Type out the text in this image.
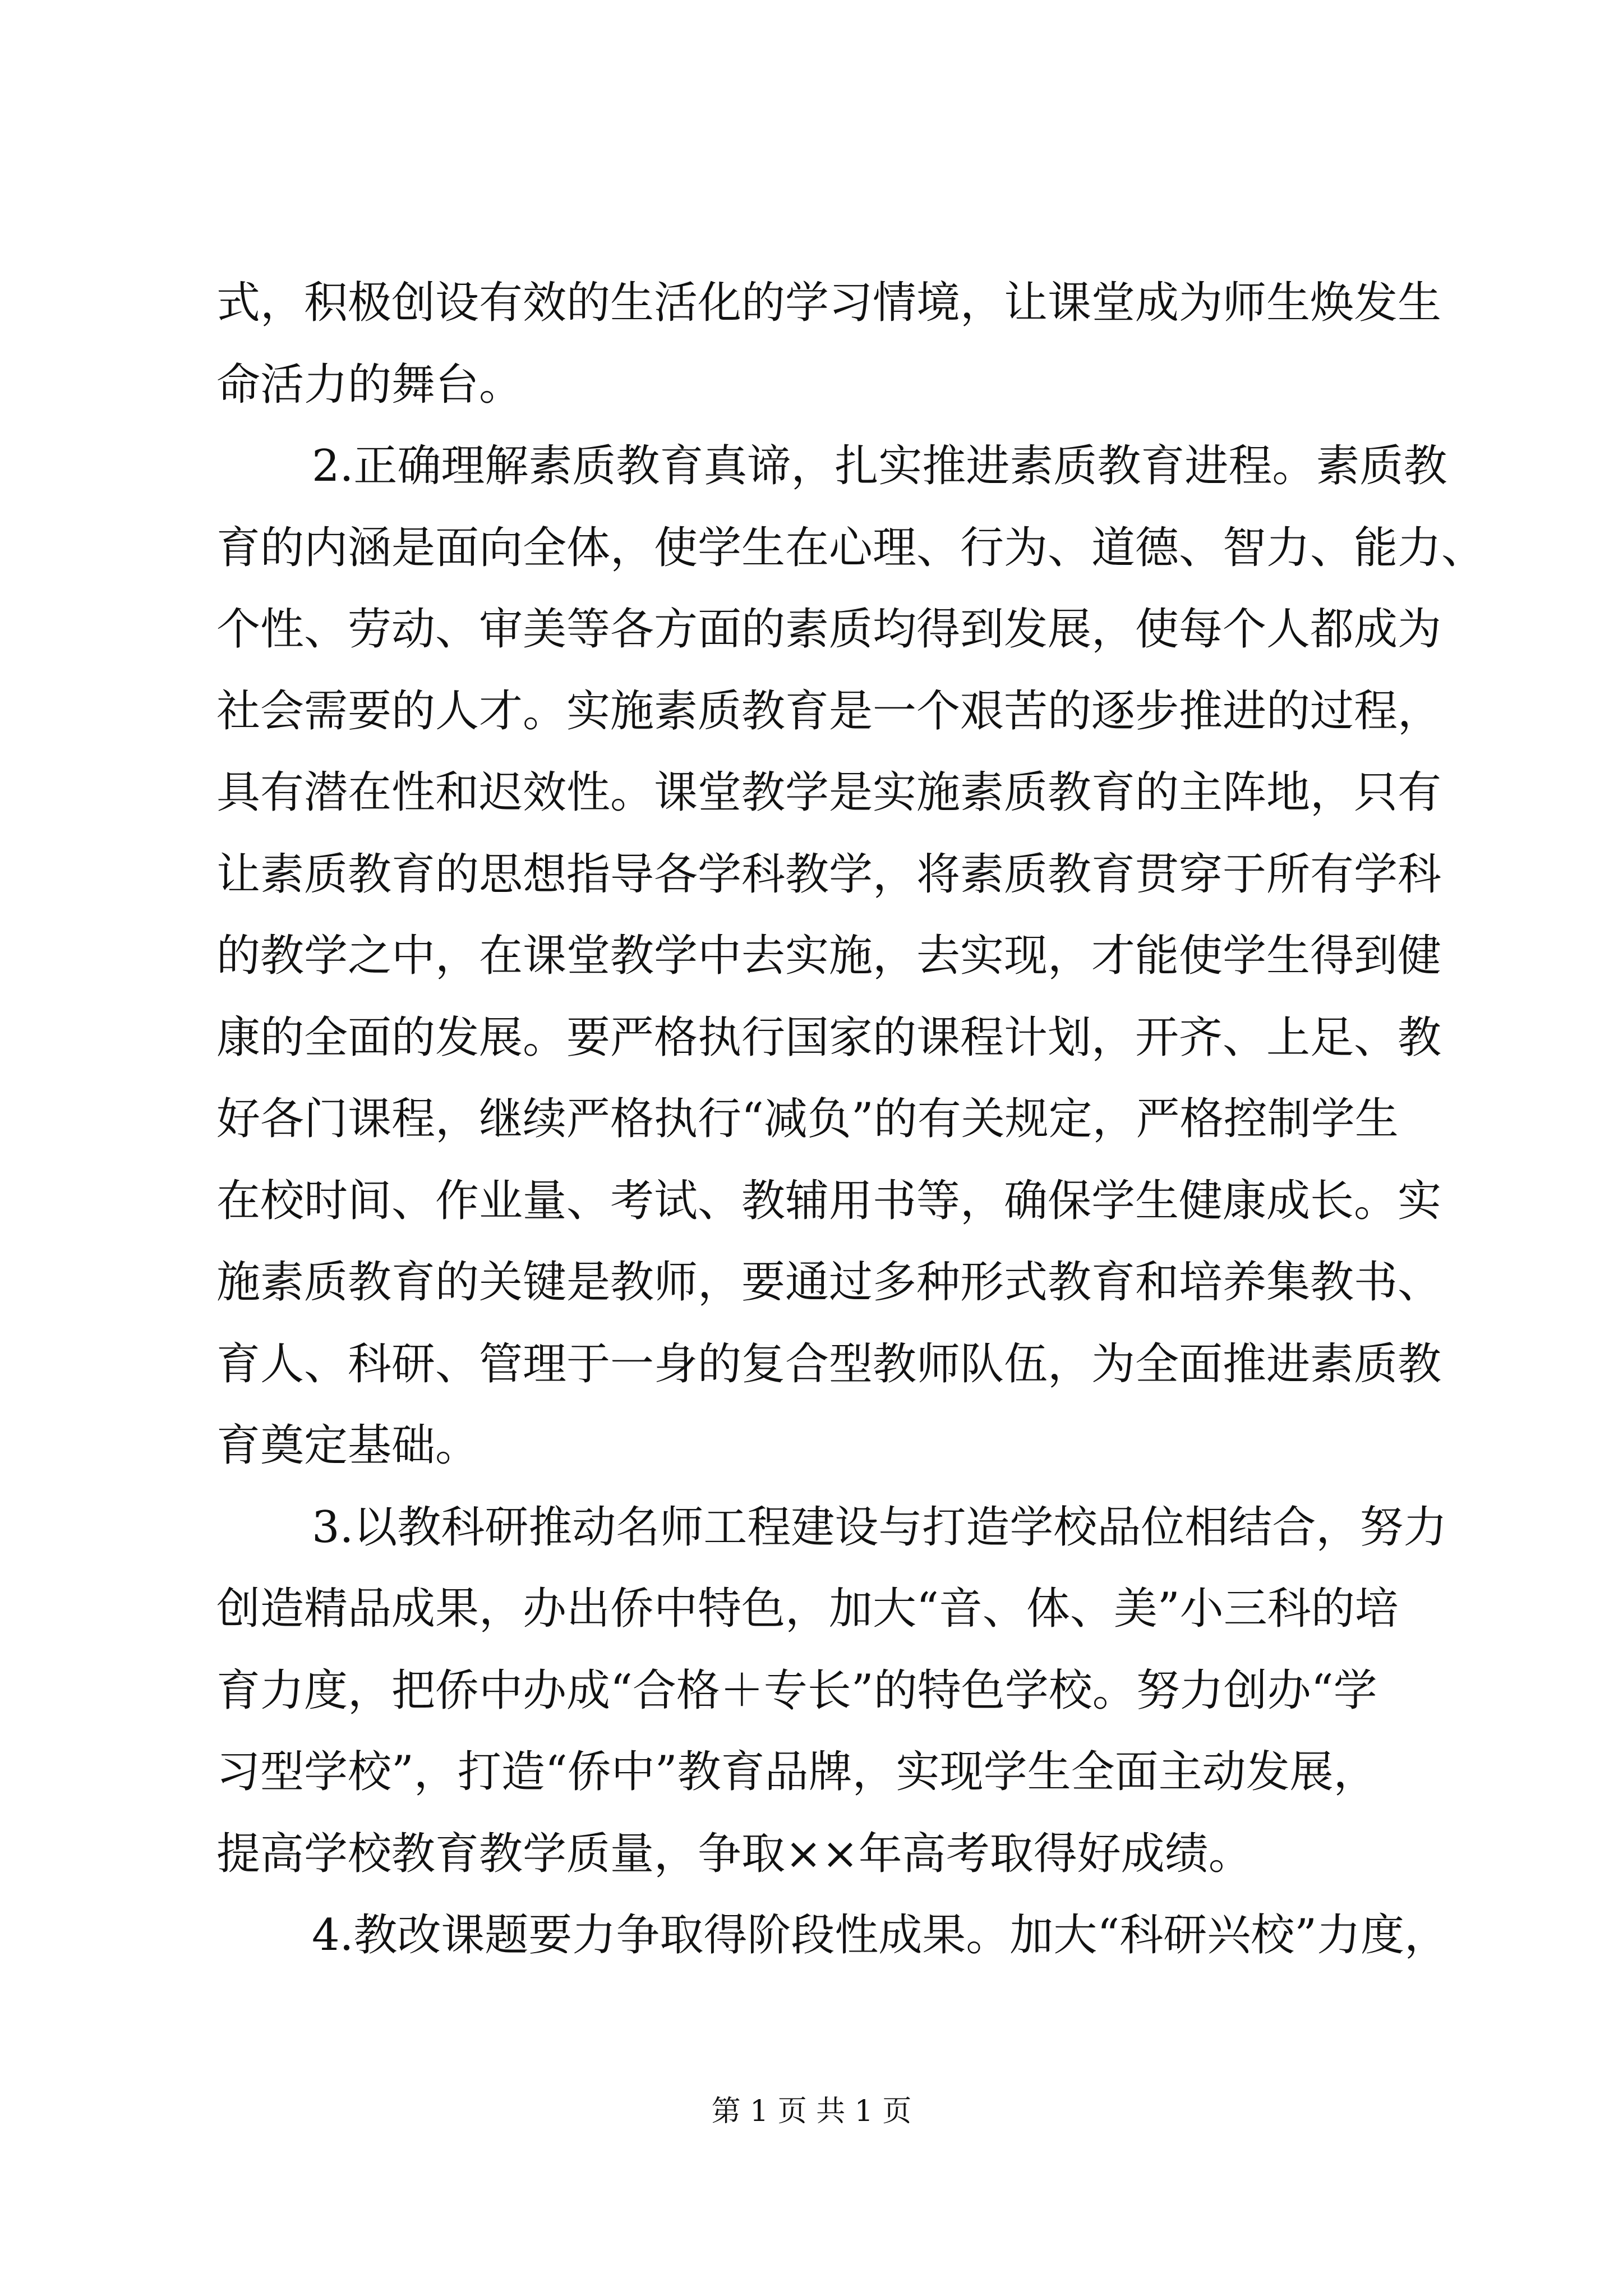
式，积极创设有效的生活化的学习情境，让课堂成为师生焕发生
命活力的舞台。
2.正确理解素质教育真谛，扎实推进素质教育进程。素质教
育的内涵是面向全体，使学生在心理、行为、道德、智力、能力、
个性、劳动、审美等各方面的素质均得到发展，使每个人都成为
社会需要的人才。实施素质教育是一个艰苦的逐步推进的过程，
具有潜在性和迟效性。课堂教学是实施素质教育的主阵地，只有
让素质教育的思想指导各学科教学，将素质教育贯穿于所有学科
的教学之中，在课堂教学中去实施，去实现，才能使学生得到健
康的全面的发展。要严格执行国家的课程计划，开齐、上足、教
好各门课程，继续严格执行“减负”的有关规定，严格控制学生
在校时间、作业量、考试、教辅用书等，确保学生健康成长。实
施素质教育的关键是教师，要通过多种形式教育和培养集教书、
育人、科研、管理于一身的复合型教师队伍，为全面推进素质教
育奠定基础。
3.以教科研推动名师工程建设与打造学校品位相结合，努力
创造精品成果，办出侨中特色，加大“音、体、美”小三科的培
育力度，把侨中办成“合格＋专长”的特色学校。努力创办“学
习型学校”，打造“侨中”教育品牌，实现学生全面主动发展，
提高学校教育教学质量，争取××年高考取得好成绩。
4.教改课题要力争取得阶段性成果。加大“科研兴校”力度，
第 1 页 共 1 页
